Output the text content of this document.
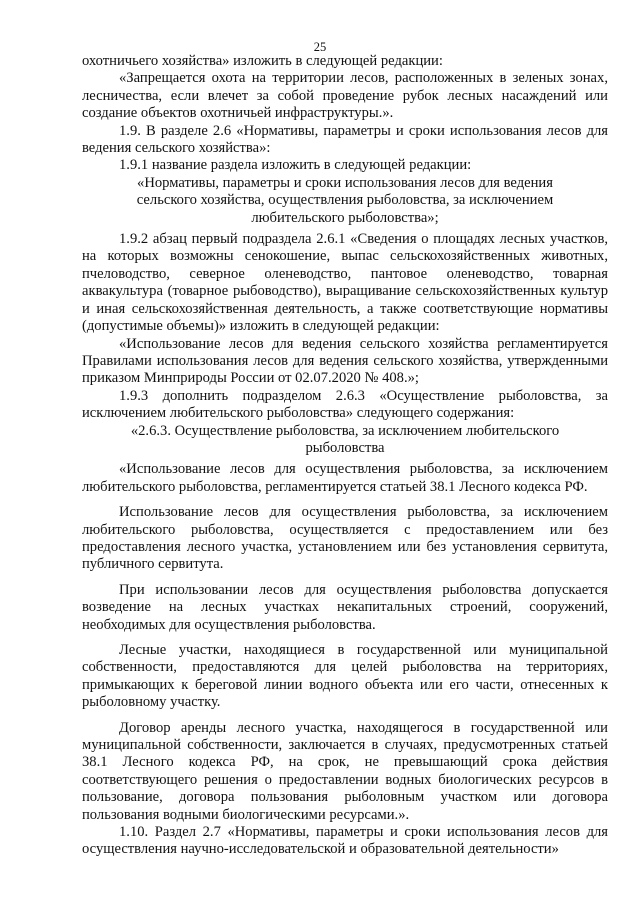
25

охотничьего хозяйства» изложить в следующей редакции:

«Запрещается охота на территории лесов, расположенных в зеленых зонах, лесничества, если влечет за собой проведение рубок лесных насаждений или создание объектов охотничьей инфраструктуры.».

1.9. В разделе 2.6 «Нормативы, параметры и сроки использования лесов для ведения сельского хозяйства»:

1.9.1 название раздела изложить в следующей редакции:

«Нормативы, параметры и сроки использования лесов для ведения сельского хозяйства, осуществления рыболовства, за исключением любительского рыболовства»;

1.9.2 абзац первый подраздела 2.6.1 «Сведения о площадях лесных участков, на которых возможны сенокошение, выпас сельскохозяйственных животных, пчеловодство, северное оленеводство, пантовое оленеводство, товарная аквакультура (товарное рыбоводство), выращивание сельскохозяйственных культур и иная сельскохозяйственная деятельность, а также соответствующие нормативы (допустимые объемы)» изложить в следующей редакции:

«Использование лесов для ведения сельского хозяйства регламентируется Правилами использования лесов для ведения сельского хозяйства, утвержденными приказом Минприроды России от 02.07.2020 № 408.»;

1.9.3 дополнить подразделом 2.6.3 «Осуществление рыболовства, за исключением любительского рыболовства» следующего содержания:

«2.6.3. Осуществление рыболовства, за исключением любительского рыболовства

«Использование лесов для осуществления рыболовства, за исключением любительского рыболовства, регламентируется статьей 38.1 Лесного кодекса РФ.

Использование лесов для осуществления рыболовства, за исключением любительского рыболовства, осуществляется с предоставлением или без предоставления лесного участка, установлением или без установления сервитута, публичного сервитута.

При использовании лесов для осуществления рыболовства допускается возведение на лесных участках некапитальных строений, сооружений, необходимых для осуществления рыболовства.

Лесные участки, находящиеся в государственной или муниципальной собственности, предоставляются для целей рыболовства на территориях, примыкающих к береговой линии водного объекта или его части, отнесенных к рыболовному участку.

Договор аренды лесного участка, находящегося в государственной или муниципальной собственности, заключается в случаях, предусмотренных статьей 38.1 Лесного кодекса РФ, на срок, не превышающий срока действия соответствующего решения о предоставлении водных биологических ресурсов в пользование, договора пользования рыболовным участком или договора пользования водными биологическими ресурсами.».

1.10. Раздел 2.7 «Нормативы, параметры и сроки использования лесов для осуществления научно-исследовательской и образовательной деятельности»
